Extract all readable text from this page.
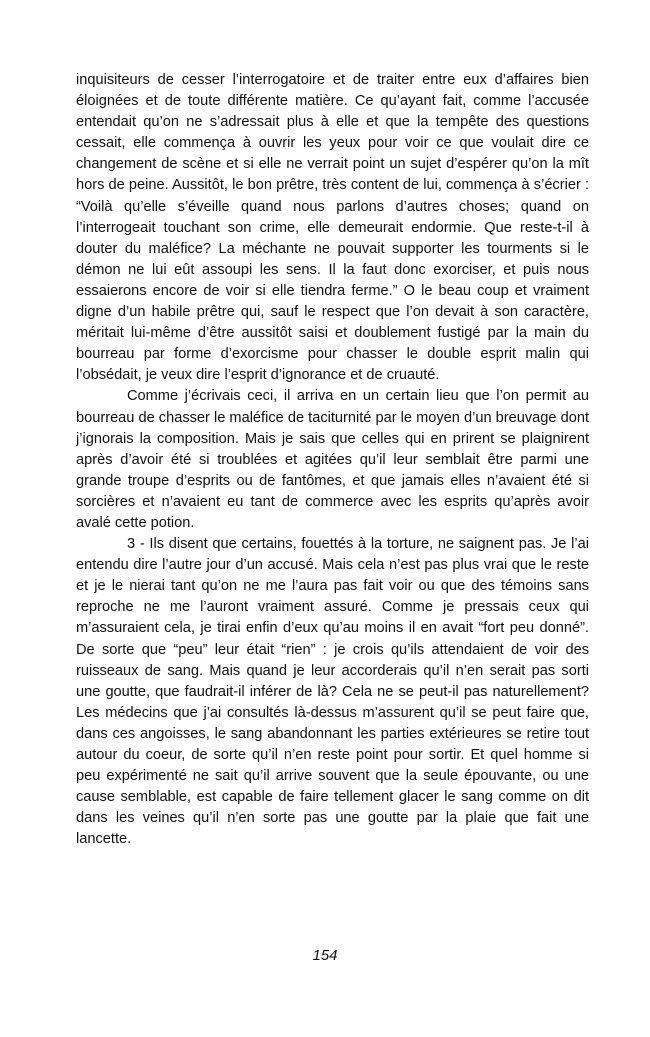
inquisiteurs de cesser l’interrogatoire et de traiter entre eux d’affaires bien éloignées et de toute différente matière. Ce qu’ayant fait, comme l’accusée entendait qu’on ne s’adressait plus à elle et que la tempête des questions cessait, elle commença à ouvrir les yeux pour voir ce que voulait dire ce changement de scène et si elle ne verrait point un sujet d’espérer qu’on la mît hors de peine. Aussitôt, le bon prêtre, très content de lui, commença à s’écrier : “Voilà qu’elle s’éveille quand nous parlons d’autres choses; quand on l’interrogeait touchant son crime, elle demeurait endormie. Que reste-t-il à douter du maléfice? La méchante ne pouvait supporter les tourments si le démon ne lui eût assoupi les sens. Il la faut donc exorciser, et puis nous essaierons encore de voir si elle tiendra ferme.” O le beau coup et vraiment digne d’un habile prêtre qui, sauf le respect que l’on devait à son caractère, méritait lui-même d’être aussitôt saisi et doublement fustigé par la main du bourreau par forme d’exorcisme pour chasser le double esprit malin qui l’obsédait, je veux dire l’esprit d’ignorance et de cruauté.

Comme j’écrivais ceci, il arriva en un certain lieu que l’on permit au bourreau de chasser le maléfice de taciturnité par le moyen d’un breuvage dont j’ignorais la composition. Mais je sais que celles qui en prirent se plaignirent après d’avoir été si troublées et agitées qu’il leur semblait être parmi une grande troupe d’esprits ou de fantômes, et que jamais elles n’avaient été si sorcières et n’avaient eu tant de commerce avec les esprits qu’après avoir avalé cette potion.

3 - Ils disent que certains, fouettés à la torture, ne saignent pas. Je l’ai entendu dire l’autre jour d’un accusé. Mais cela n’est pas plus vrai que le reste et je le nierai tant qu’on ne me l’aura pas fait voir ou que des témoins sans reproche ne me l’auront vraiment assuré. Comme je pressais ceux qui m’assuraient cela, je tirai enfin d’eux qu’au moins il en avait “fort peu donné”. De sorte que “peu” leur était “rien” : je crois qu’ils attendaient de voir des ruisseaux de sang. Mais quand je leur accorderais qu’il n’en serait pas sorti une goutte, que faudrait-il inférer de là? Cela ne se peut-il pas naturellement? Les médecins que j’ai consultés là-dessus m’assurent qu’il se peut faire que, dans ces angoisses, le sang abandonnant les parties extérieures se retire tout autour du coeur, de sorte qu’il n’en reste point pour sortir. Et quel homme si peu expérimenté ne sait qu’il arrive souvent que la seule épouvante, ou une cause semblable, est capable de faire tellement glacer le sang comme on dit dans les veines qu’il n’en sorte pas une goutte par la plaie que fait une lancette.

154
